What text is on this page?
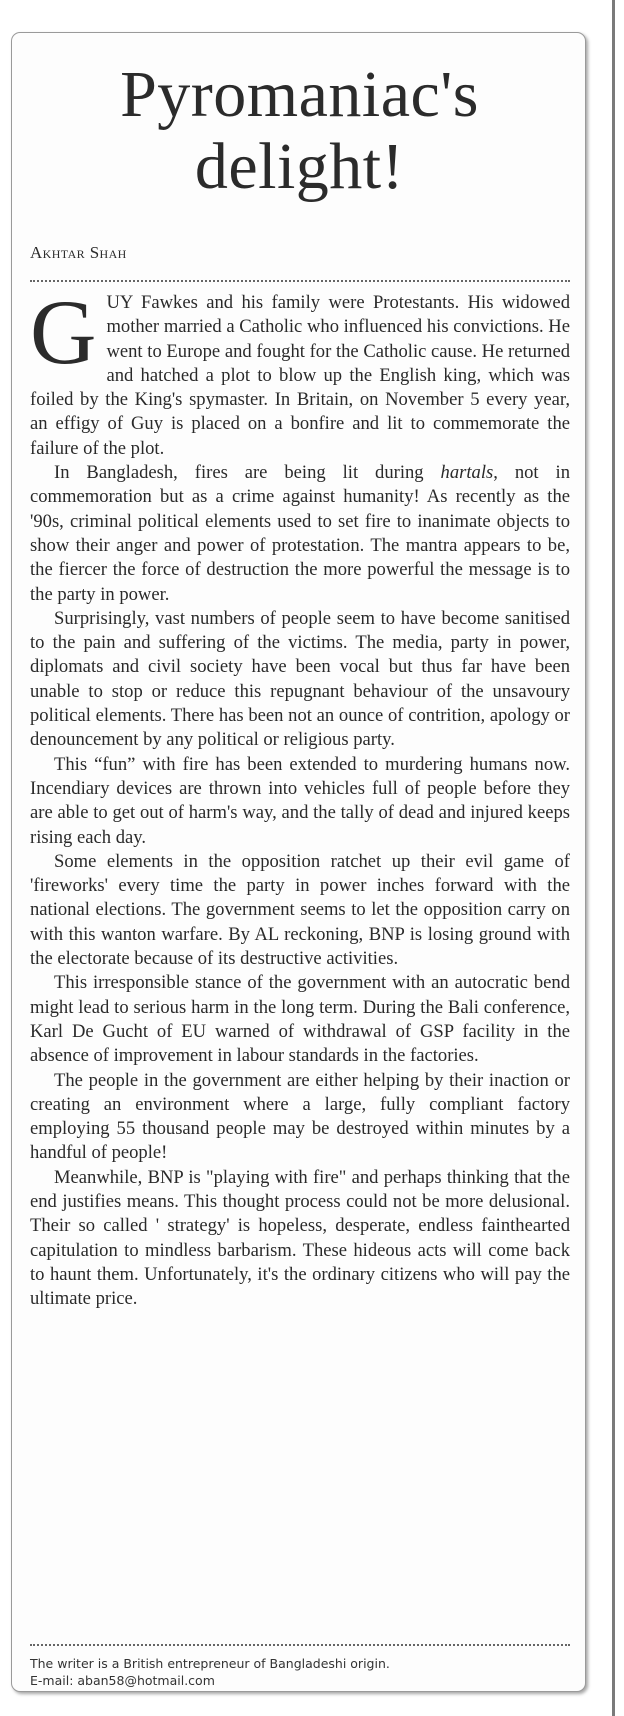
Pyromaniac's
delight!
Akhtar Shah

GUY Fawkes and his family were Protestants. His widowed mother married a Catholic who influenced his convictions. He went to Europe and fought for the Catholic cause. He returned and hatched a plot to blow up the English king, which was foiled by the King's spymaster. In Britain, on November 5 every year, an effigy of Guy is placed on a bonfire and lit to commemorate the failure of the plot.

In Bangladesh, fires are being lit during hartals, not in commemoration but as a crime against humanity! As recently as the '90s, criminal political elements used to set fire to inanimate objects to show their anger and power of protestation. The mantra appears to be, the fiercer the force of destruction the more powerful the message is to the party in power.

Surprisingly, vast numbers of people seem to have become sanitised to the pain and suffering of the victims. The media, party in power, diplomats and civil society have been vocal but thus far have been unable to stop or reduce this repugnant behaviour of the unsavoury political elements. There has been not an ounce of contrition, apology or denouncement by any political or religious party.

This “fun” with fire has been extended to murdering humans now. Incendiary devices are thrown into vehicles full of people before they are able to get out of harm's way, and the tally of dead and injured keeps rising each day.

Some elements in the opposition ratchet up their evil game of 'fireworks' every time the party in power inches forward with the national elections. The government seems to let the opposition carry on with this wanton warfare. By AL reckoning, BNP is losing ground with the electorate because of its destructive activities.

This irresponsible stance of the government with an autocratic bend might lead to serious harm in the long term. During the Bali conference, Karl De Gucht of EU warned of withdrawal of GSP facility in the absence of improvement in labour standards in the factories.

The people in the government are either helping by their inaction or creating an environment where a large, fully compliant factory employing 55 thousand people may be destroyed within minutes by a handful of people!

Meanwhile, BNP is "playing with fire" and perhaps thinking that the end justifies means. This thought process could not be more delusional. Their so called ' strategy' is hopeless, desperate, endless fainthearted capitulation to mindless barbarism. These hideous acts will come back to haunt them. Unfortunately, it's the ordinary citizens who will pay the ultimate price.

The writer is a British entrepreneur of Bangladeshi origin.
E-mail: aban58@hotmail.com
